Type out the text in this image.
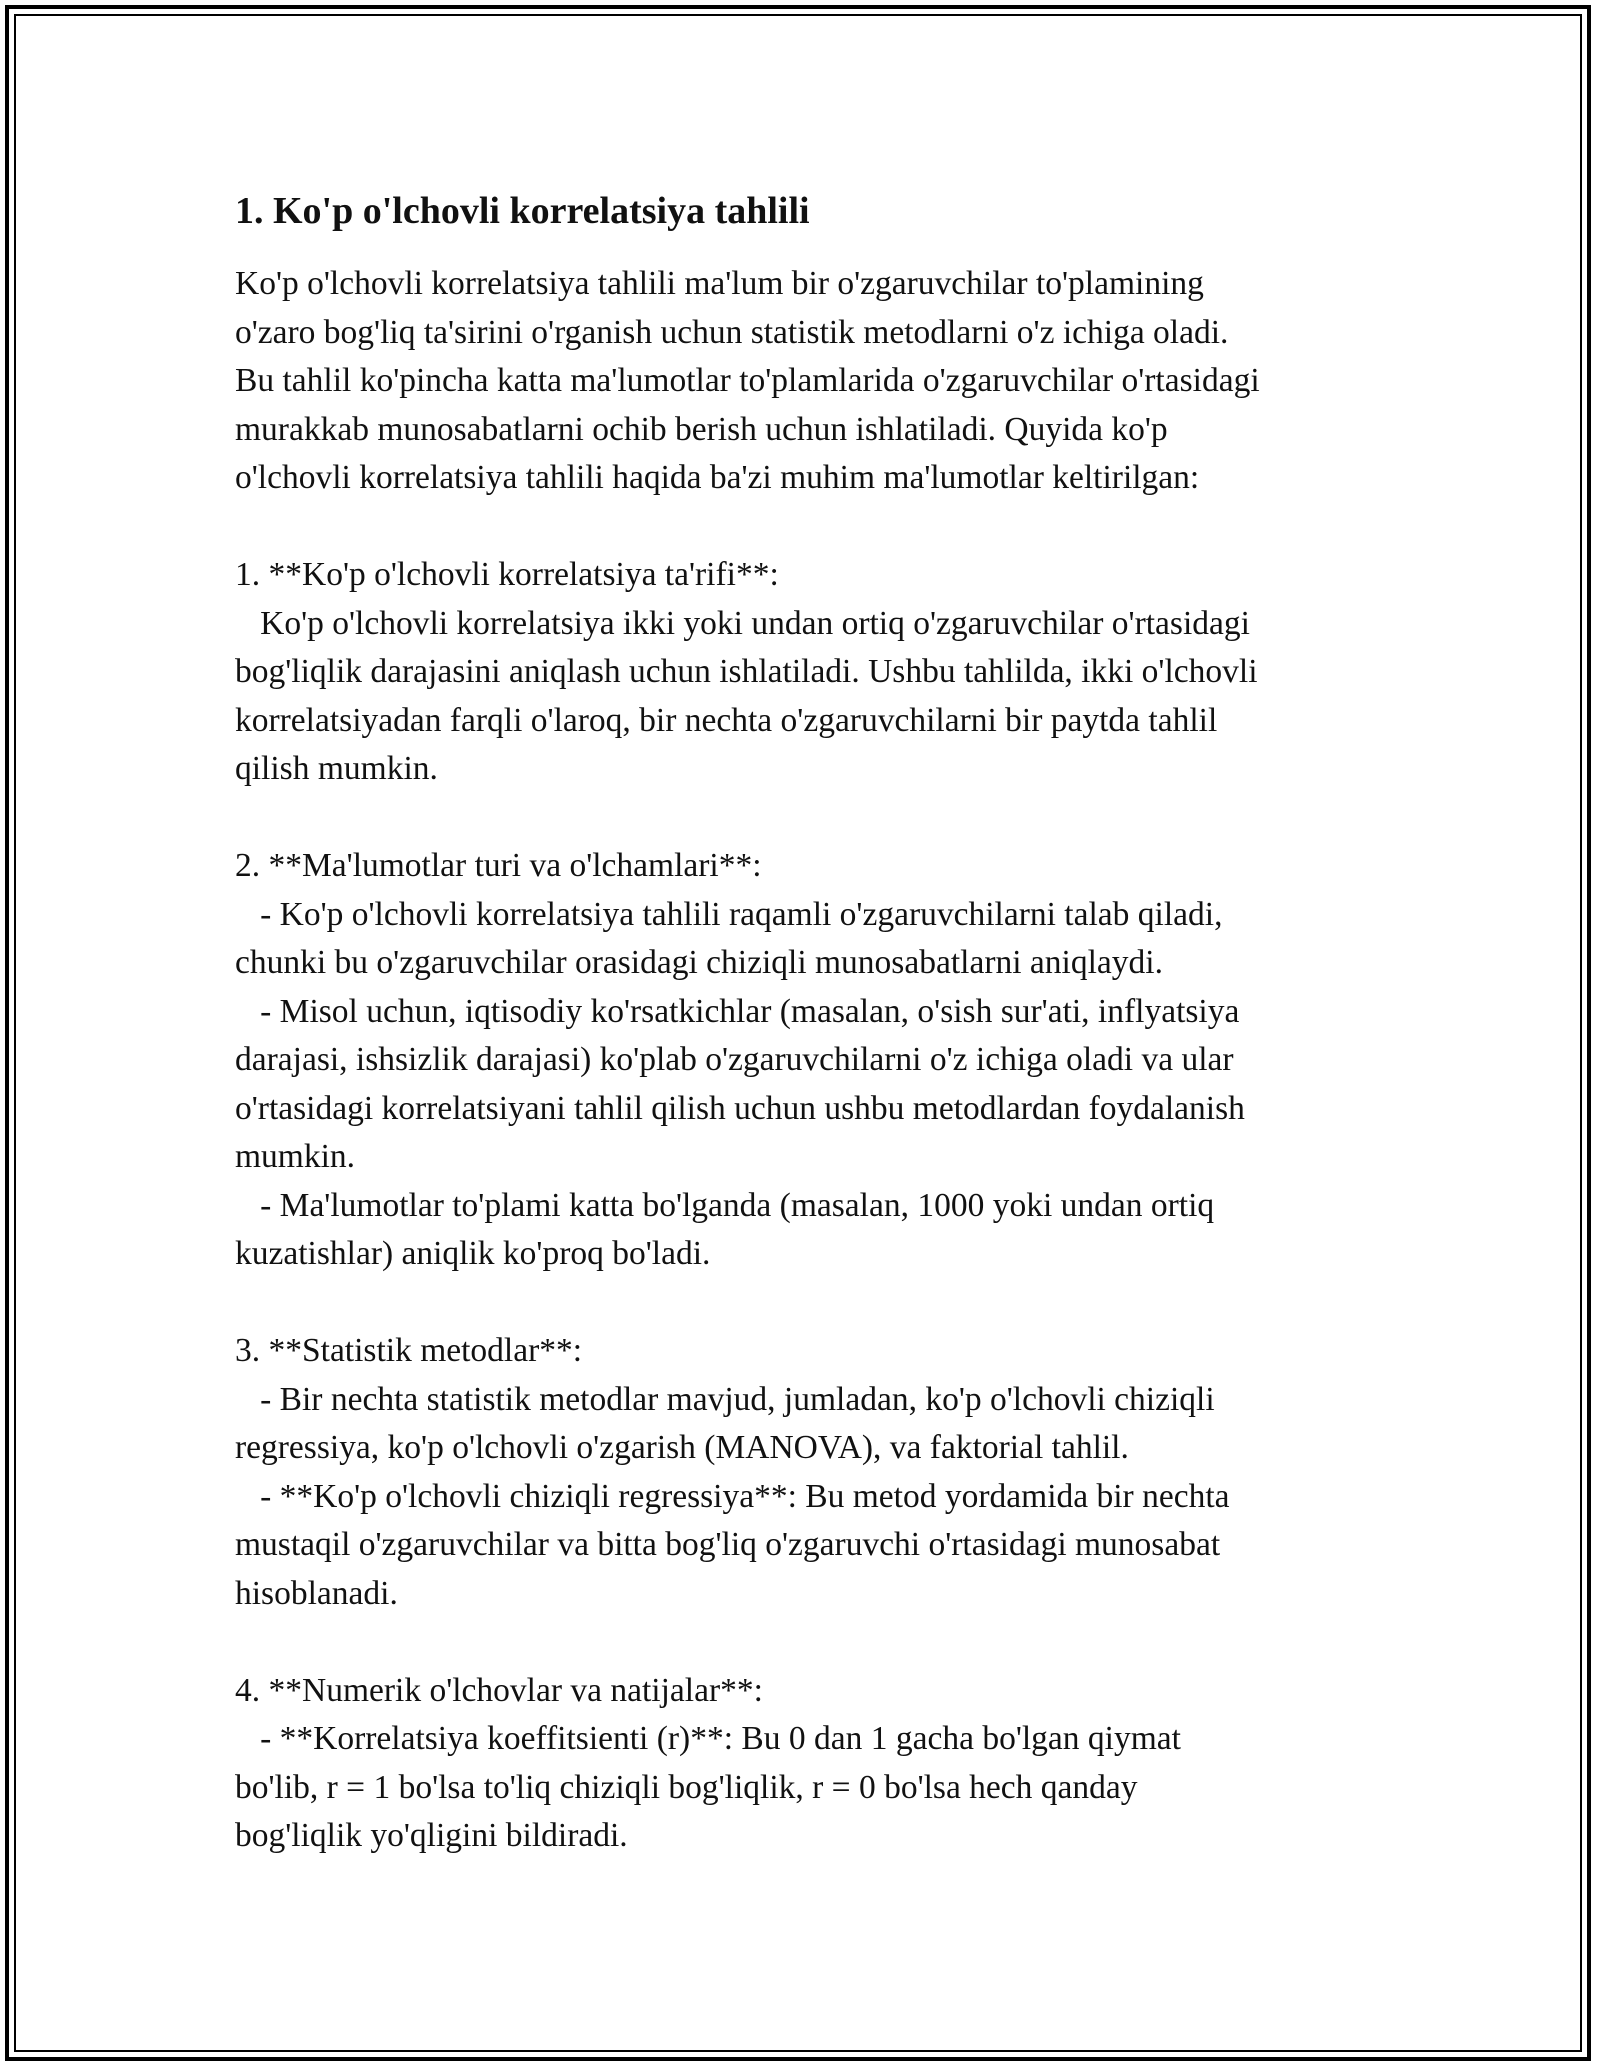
1. Ko'p o'lchovli korrelatsiya tahlili
Ko'p o'lchovli korrelatsiya tahlili ma'lum bir o'zgaruvchilar to'plamining
o'zaro bog'liq ta'sirini o'rganish uchun statistik metodlarni o'z ichiga oladi.
Bu tahlil ko'pincha katta ma'lumotlar to'plamlarida o'zgaruvchilar o'rtasidagi
murakkab munosabatlarni ochib berish uchun ishlatiladi. Quyida ko'p
o'lchovli korrelatsiya tahlili haqida ba'zi muhim ma'lumotlar keltirilgan:
1. **Ko'p o'lchovli korrelatsiya ta'rifi**:
Ko'p o'lchovli korrelatsiya ikki yoki undan ortiq o'zgaruvchilar o'rtasidagi
bog'liqlik darajasini aniqlash uchun ishlatiladi. Ushbu tahlilda, ikki o'lchovli
korrelatsiyadan farqli o'laroq, bir nechta o'zgaruvchilarni bir paytda tahlil
qilish mumkin.
2. **Ma'lumotlar turi va o'lchamlari**:
- Ko'p o'lchovli korrelatsiya tahlili raqamli o'zgaruvchilarni talab qiladi,
chunki bu o'zgaruvchilar orasidagi chiziqli munosabatlarni aniqlaydi.
- Misol uchun, iqtisodiy ko'rsatkichlar (masalan, o'sish sur'ati, inflyatsiya
darajasi, ishsizlik darajasi) ko'plab o'zgaruvchilarni o'z ichiga oladi va ular
o'rtasidagi korrelatsiyani tahlil qilish uchun ushbu metodlardan foydalanish
mumkin.
- Ma'lumotlar to'plami katta bo'lganda (masalan, 1000 yoki undan ortiq
kuzatishlar) aniqlik ko'proq bo'ladi.
3. **Statistik metodlar**:
- Bir nechta statistik metodlar mavjud, jumladan, ko'p o'lchovli chiziqli
regressiya, ko'p o'lchovli o'zgarish (MANOVA), va faktorial tahlil.
- **Ko'p o'lchovli chiziqli regressiya**: Bu metod yordamida bir nechta
mustaqil o'zgaruvchilar va bitta bog'liq o'zgaruvchi o'rtasidagi munosabat
hisoblanadi.
4. **Numerik o'lchovlar va natijalar**:
- **Korrelatsiya koeffitsienti (r)**: Bu 0 dan 1 gacha bo'lgan qiymat
bo'lib, r = 1 bo'lsa to'liq chiziqli bog'liqlik, r = 0 bo'lsa hech qanday
bog'liqlik yo'qligini bildiradi.
